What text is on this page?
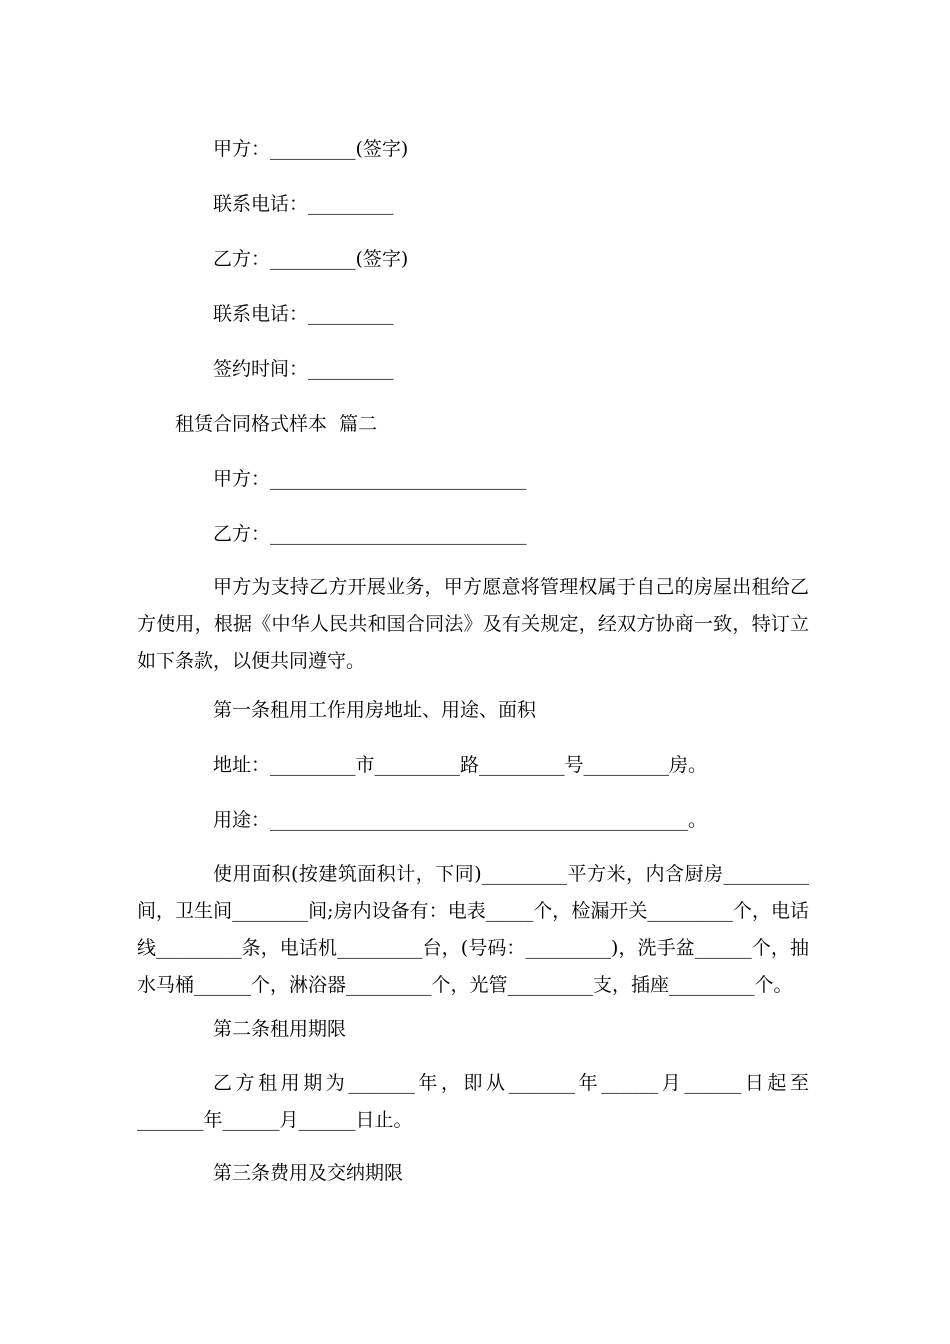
甲方：_________(签字)
联系电话：_________
乙方：_________(签字)
联系电话：_________
签约时间：_________
租赁合同格式样本  篇二
甲方：___________________________
乙方：___________________________
甲方为支持乙方开展业务，甲方愿意将管理权属于自己的房屋出租给乙方使用，根据《中华人民共和国合同法》及有关规定，经双方协商一致，特订立如下条款，以便共同遵守。
第一条租用工作用房地址、用途、面积
地址：_________市_________路_________号_________房。
用途：____________________________________________。
使用面积(按建筑面积计，下同)_________平方米，内含厨房_________间，卫生间________间;房内设备有：电表_____个，检漏开关_________个，电话线_________条，电话机_________台，(号码：_________)，洗手盆______个，抽水马桶______个，淋浴器_________个，光管_________支，插座_________个。
第二条租用期限
乙方租用期为_______年，即从_______年______月______日起至_______年______月______日止。
第三条费用及交纳期限
